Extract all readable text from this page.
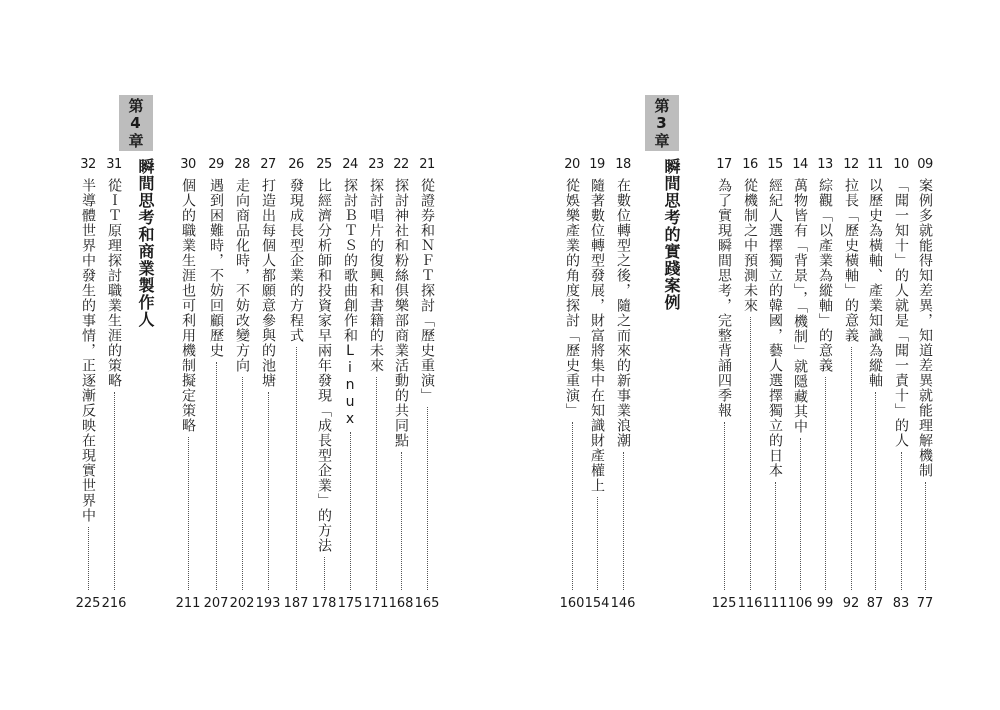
第4章
瞬間思考和商業製作人	21
從證券和ＮＦＴ探討「歷史重演」
165
22
探討神社和粉絲俱樂部商業活動的共同點
168
23
探討唱片的復興和書籍的未來
171
24
探討ＢＴＳ的歌曲創作和Linux
175
25
比經濟分析師和投資家早兩年發現「成長型企業」的方法
178
26
發現成長型企業的方程式
187
27
打造出每個人都願意參與的池塘
193
28
走向商品化時，不妨改變方向
202
29
遇到困難時，不妨回顧歷史
207
30
個人的職業生涯也可利用機制擬定策略
211
31
從ＩＴ原理探討職業生涯的策略
216
32
半導體世界中發生的事情，正逐漸反映在現實世界中
225
第3章
瞬間思考的實踐案例	09
案例多就能得知差異，知道差異就能理解機制
77
10
「聞一知十」的人就是「聞一責十」的人
83
11
以歷史為橫軸、產業知識為縱軸
87
12
拉長「歷史橫軸」的意義
92
13
綜觀「以產業為縱軸」的意義
99
14
萬物皆有「背景」，「機制」就隱藏其中
106
15
經紀人選擇獨立的韓國，藝人選擇獨立的日本
111
16
從機制之中預測未來
116
17
為了實現瞬間思考，完整背誦四季報
125
18
在數位轉型之後，隨之而來的新事業浪潮
146
19
隨著數位轉型發展，財富將集中在知識財產權上
154
20
從娛樂產業的角度探討「歷史重演」
160
